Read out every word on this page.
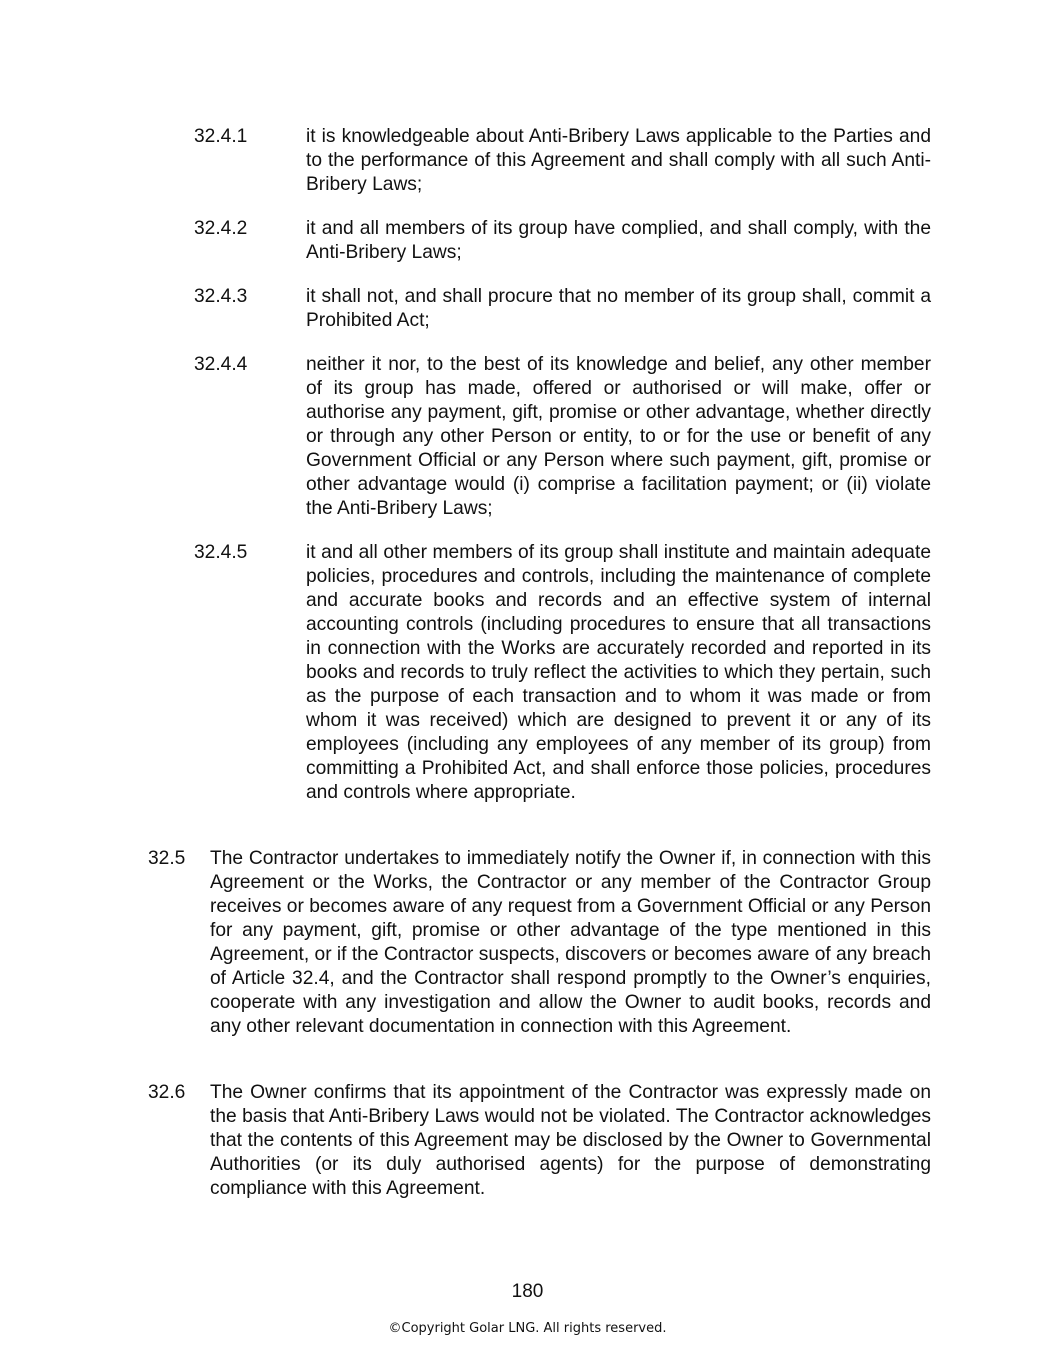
32.4.1	it is knowledgeable about Anti-Bribery Laws applicable to the Parties and to the performance of this Agreement and shall comply with all such Anti-Bribery Laws;
32.4.2	it and all members of its group have complied, and shall comply, with the Anti-Bribery Laws;
32.4.3	it shall not, and shall procure that no member of its group shall, commit a Prohibited Act;
32.4.4	neither it nor, to the best of its knowledge and belief, any other member of its group has made, offered or authorised or will make, offer or authorise any payment, gift, promise or other advantage, whether directly or through any other Person or entity, to or for the use or benefit of any Government Official or any Person where such payment, gift, promise or other advantage would (i) comprise a facilitation payment; or (ii) violate the Anti-Bribery Laws;
32.4.5	it and all other members of its group shall institute and maintain adequate policies, procedures and controls, including the maintenance of complete and accurate books and records and an effective system of internal accounting controls (including procedures to ensure that all transactions in connection with the Works are accurately recorded and reported in its books and records to truly reflect the activities to which they pertain, such as the purpose of each transaction and to whom it was made or from whom it was received) which are designed to prevent it or any of its employees (including any employees of any member of its group) from committing a Prohibited Act, and shall enforce those policies, procedures and controls where appropriate.
32.5 The Contractor undertakes to immediately notify the Owner if, in connection with this Agreement or the Works, the Contractor or any member of the Contractor Group receives or becomes aware of any request from a Government Official or any Person for any payment, gift, promise or other advantage of the type mentioned in this Agreement, or if the Contractor suspects, discovers or becomes aware of any breach of Article 32.4, and the Contractor shall respond promptly to the Owner’s enquiries, cooperate with any investigation and allow the Owner to audit books, records and any other relevant documentation in connection with this Agreement.
32.6 The Owner confirms that its appointment of the Contractor was expressly made on the basis that Anti-Bribery Laws would not be violated. The Contractor acknowledges that the contents of this Agreement may be disclosed by the Owner to Governmental Authorities (or its duly authorised agents) for the purpose of demonstrating compliance with this Agreement.
180
©Copyright Golar LNG. All rights reserved.
